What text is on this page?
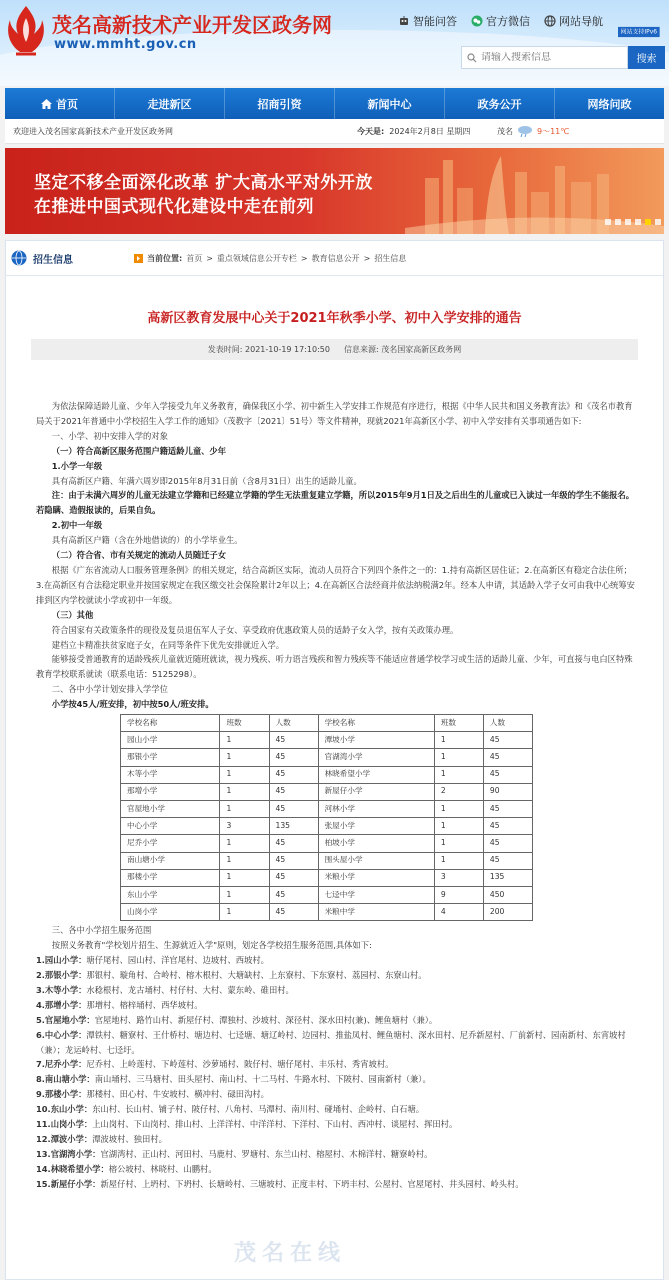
茂名高新技术产业开发区政务网
www.mmht.gov.cn
智能问答	官方微信	网站导航
网站支持IPv6
请输入搜索信息
搜索
首页	走进新区	招商引资	新闻中心	政务公开	网络问政
欢迎进入茂名国家高新技术产业开发区政务网	今天是: 2024年2月8日 星期四	茂名	9～11℃
坚定不移全面深化改革 扩大高水平对外开放
在推进中国式现代化建设中走在前列
招生信息	当前位置: 首页 > 重点领域信息公开专栏 > 教育信息公开 > 招生信息
高新区教育发展中心关于2021年秋季小学、初中入学安排的通告
发表时间: 2021-10-19 17:10:50 信息来源: 茂名国家高新区政务网

为依法保障适龄儿童、少年入学接受九年义务教育，确保我区小学、初中新生入学安排工作规范有序进行，根据《中华人民共和国义务教育法》和《茂名市教育局关于2021年普通中小学校招生入学工作的通知》（茂教字〔2021〕51号）等文件精神，现就2021年高新区小学、初中入学安排有关事项通告如下:

一、小学、初中安排入学的对象

（一）符合高新区服务范围户籍适龄儿童、少年

1.小学一年级

具有高新区户籍、年满六周岁即2015年8月31日前（含8月31日）出生的适龄儿童。

注：由于未满六周岁的儿童无法建立学籍和已经建立学籍的学生无法重复建立学籍，所以2015年9月1日及之后出生的儿童或已入读过一年级的学生不能报名。若隐瞒、造假报读的，后果自负。

2.初中一年级

具有高新区户籍（含在外地借读的）的小学毕业生。

（二）符合省、市有关规定的流动人员随迁子女

根据《广东省流动人口服务管理条例》的相关规定，结合高新区实际，流动人员符合下列四个条件之一的：1.持有高新区居住证；2.在高新区有稳定合法住所；3.在高新区有合法稳定职业并按国家规定在我区缴交社会保险累计2年以上；4.在高新区合法经商并依法纳税满2年。经本人申请，其适龄入学子女可由我中心统筹安排到区内学校就读小学或初中一年级。

（三）其他

符合国家有关政策条件的现役及复员退伍军人子女、享受政府优惠政策人员的适龄子女入学，按有关政策办理。

建档立卡精准扶贫家庭子女，在同等条件下优先安排就近入学。

能够接受普通教育的适龄残疾儿童就近随班就读，视力残疾、听力语言残疾和智力残疾等不能适应普通学校学习或生活的适龄儿童、少年，可直接与电白区特殊教育学校联系就读（联系电话：5125298）。

二、各中小学计划安排入学学位

小学按45人/班安排，初中按50人/班安排。

学校名称	班数	人数	学校名称	班数	人数
园山小学	1	45	潭坡小学	1	45
那银小学	1	45	官湖湾小学	1	45
木等小学	1	45	林晓希望小学	1	45
那增小学	1	45	新屋仔小学	2	90
官屋地小学	1	45	河林小学	1	45
中心小学	3	135	张屋小学	1	45
尼乔小学	1	45	柏坡小学	1	45
南山塘小学	1	45	围头屋小学	1	45
那楼小学	1	45	米粮小学	3	135
东山小学	1	45	七迳中学	9	450
山岗小学	1	45	米粮中学	4	200

三、各中小学招生服务范围

按照义务教育"学校划片招生、生源就近入学"原则，划定各学校招生服务范围,具体如下:

1.园山小学：塘仔尾村、园山村、洋官尾村、边坡村、西坡村。

2.那银小学：那银村、璇角村、合岭村、榕木根村、大塘缺村、上东寮村、下东寮村、荔园村、东寮山村。

3.木等小学：水稔根村、龙古埇村、村仔村、大村、蒙东岭、碓田村。

4.那增小学：那增村、榕梓埇村、西华坡村。

5.官屋地小学：官屋地村、路竹山村、新屋仔村、潭独村、沙坡村、深径村、深水田村(兼)、鲤鱼塘村（兼）。

6.中心小学：潭铁村、糖寮村、王什桥村、塘边村、七迳塘、塘辽岭村、边园村、推盐凤村、鲤鱼塘村、深水田村、尼乔新屋村、厂前新村、园南新村、东宵坡村（兼）；龙运岭村、七迳圩。

7.尼乔小学：尼乔村、上岭莲村、下岭莲村、沙萝埇村、陂仔村、塘仔尾村、丰乐村、秀宵坡村。

8.南山塘小学：南山埇村、三马塘村、田头屋村、南山村、十二马村、牛路水村、下陂村、园南新村（兼）。

9.那楼小学：那楼村、田心村、牛安坡村、横冲村、碌田沟村。

10.东山小学：东山村、长山村、铺子村、陂仔村、八角村、马潭村、南川村、碰埇村、企岭村、白石塘。

11.山岗小学：上山岗村、下山岗村、排山村、上洋洋村、中洋洋村、下洋村、下山村、西冲村、谈屋村、挥田村。

12.潭波小学：潭波坡村、独田村。

13.官湖湾小学：官湖湾村、正山村、河田村、马鹿村、罗塘村、东兰山村、榕屋村、木棉洋村、糖寮岭村。

14.林晓希望小学：榕公坡村、林晓村、山鹏村。

15.新屋仔小学：新屋仔村、上坍村、下坍村、长塘岭村、三塘坡村、正度丰村、下坍丰村、公屋村、官屋尾村、井头园村、岭头村。

茂名在线
